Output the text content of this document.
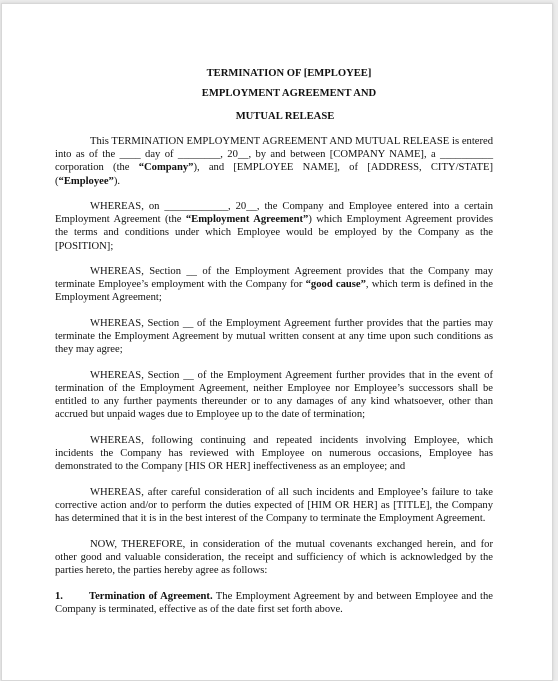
TERMINATION OF [EMPLOYEE]
EMPLOYMENT AGREEMENT AND
MUTUAL RELEASE

This TERMINATION EMPLOYMENT AGREEMENT AND MUTUAL RELEASE is entered into as of the ____ day of ________, 20__, by and between [COMPANY NAME], a __________ corporation (the “Company”), and [EMPLOYEE NAME], of [ADDRESS, CITY/STATE] (“Employee”).

WHEREAS, on ____________, 20__, the Company and Employee entered into a certain Employment Agreement (the “Employment Agreement”) which Employment Agreement provides the terms and conditions under which Employee would be employed by the Company as the [POSITION];

WHEREAS, Section __ of the Employment Agreement provides that the Company may terminate Employee’s employment with the Company for “good cause”, which term is defined in the Employment Agreement;

WHEREAS, Section __ of the Employment Agreement further provides that the parties may terminate the Employment Agreement by mutual written consent at any time upon such conditions as they may agree;

WHEREAS, Section __ of the Employment Agreement further provides that in the event of termination of the Employment Agreement, neither Employee nor Employee’s successors shall be entitled to any further payments thereunder or to any damages of any kind whatsoever, other than accrued but unpaid wages due to Employee up to the date of termination;

WHEREAS, following continuing and repeated incidents involving Employee, which incidents the Company has reviewed with Employee on numerous occasions, Employee has demonstrated to the Company [HIS OR HER] ineffectiveness as an employee; and

WHEREAS, after careful consideration of all such incidents and Employee’s failure to take corrective action and/or to perform the duties expected of [HIM OR HER] as [TITLE], the Company has determined that it is in the best interest of the Company to terminate the Employment Agreement.

NOW, THEREFORE, in consideration of the mutual covenants exchanged herein, and for other good and valuable consideration, the receipt and sufficiency of which is acknowledged by the parties hereto, the parties hereby agree as follows:

1. Termination of Agreement. The Employment Agreement by and between Employee and the Company is terminated, effective as of the date first set forth above.
